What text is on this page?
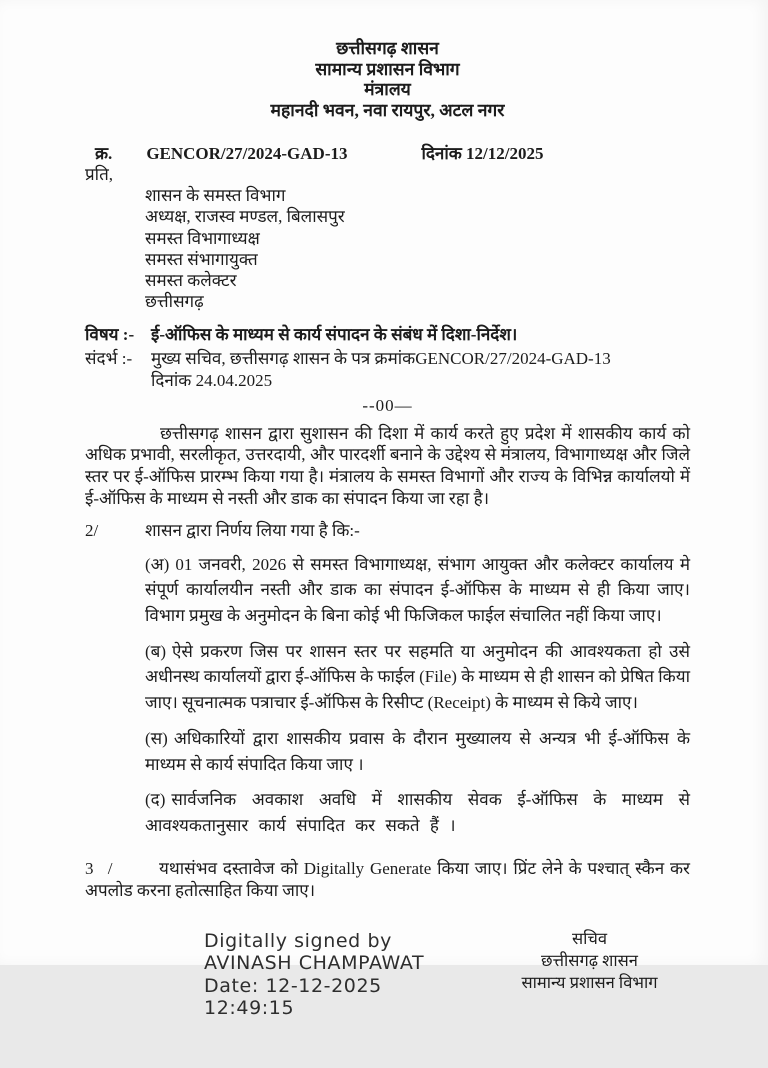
छत्तीसगढ़ शासन
सामान्य प्रशासन विभाग
मंत्रालय
महानदी भवन, नवा रायपुर, अटल नगर
क्र. GENCOR/27/2024-GAD-13	दिनांक 12/12/2025
प्रति,
शासन के समस्त विभाग
अध्यक्ष, राजस्व मण्डल, बिलासपुर
समस्त विभागाध्यक्ष
समस्त संभागायुक्त
समस्त कलेक्टर
छत्तीसगढ़
विषय :- ई-ऑफिस के माध्यम से कार्य संपादन के संबंध में दिशा-निर्देश।
संदर्भ :-	मुख्य सचिव, छत्तीसगढ़ शासन के पत्र क्रमांकGENCOR/27/2024-GAD-13
दिनांक 24.04.2025
--00—

छत्तीसगढ़ शासन द्वारा सुशासन की दिशा में कार्य करते हुए प्रदेश में शासकीय कार्य को अधिक प्रभावी, सरलीकृत, उत्तरदायी, और पारदर्शी बनाने के उद्देश्य से मंत्रालय, विभागाध्यक्ष और जिले स्तर पर ई-ऑफिस प्रारम्भ किया गया है। मंत्रालय के समस्त विभागों और राज्य के विभिन्न कार्यालयो में ई-ऑफिस के माध्यम से नस्ती और डाक का संपादन किया जा रहा है।

2/	शासन द्वारा निर्णय लिया गया है कि:-

(अ) 01 जनवरी, 2026 से समस्त विभागाध्यक्ष, संभाग आयुक्त और कलेक्टर कार्यालय मे संपूर्ण कार्यालयीन नस्ती और डाक का संपादन ई-ऑफिस के माध्यम से ही किया जाए। विभाग प्रमुख के अनुमोदन के बिना कोई भी फिजिकल फाईल संचालित नहीं किया जाए।

(ब) ऐसे प्रकरण जिस पर शासन स्तर पर सहमति या अनुमोदन की आवश्यकता हो उसे अधीनस्थ कार्यालयों द्वारा ई-ऑफिस के फाईल (File) के माध्यम से ही शासन को प्रेषित किया जाए। सूचनात्मक पत्राचार ई-ऑफिस के रिसीप्ट (Receipt) के माध्यम से किये जाए।

(स) अधिकारियों द्वारा शासकीय प्रवास के दौरान मुख्यालय से अन्यत्र भी ई-ऑफिस के माध्यम से कार्य संपादित किया जाए ।

(द) सार्वजनिक अवकाश अवधि में शासकीय सेवक ई-ऑफिस के माध्यम से आवश्यकतानुसार कार्य संपादित कर सकते हैं ।

3 /	यथासंभव दस्तावेज को Digitally Generate किया जाए। प्रिंट लेने के पश्चात् स्कैन कर अपलोड करना हतोत्साहित किया जाए।

Digitally signed by
AVINASH CHAMPAWAT
Date: 12-12-2025
12:49:15
सचिव
छत्तीसगढ़ शासन
सामान्य प्रशासन विभाग
